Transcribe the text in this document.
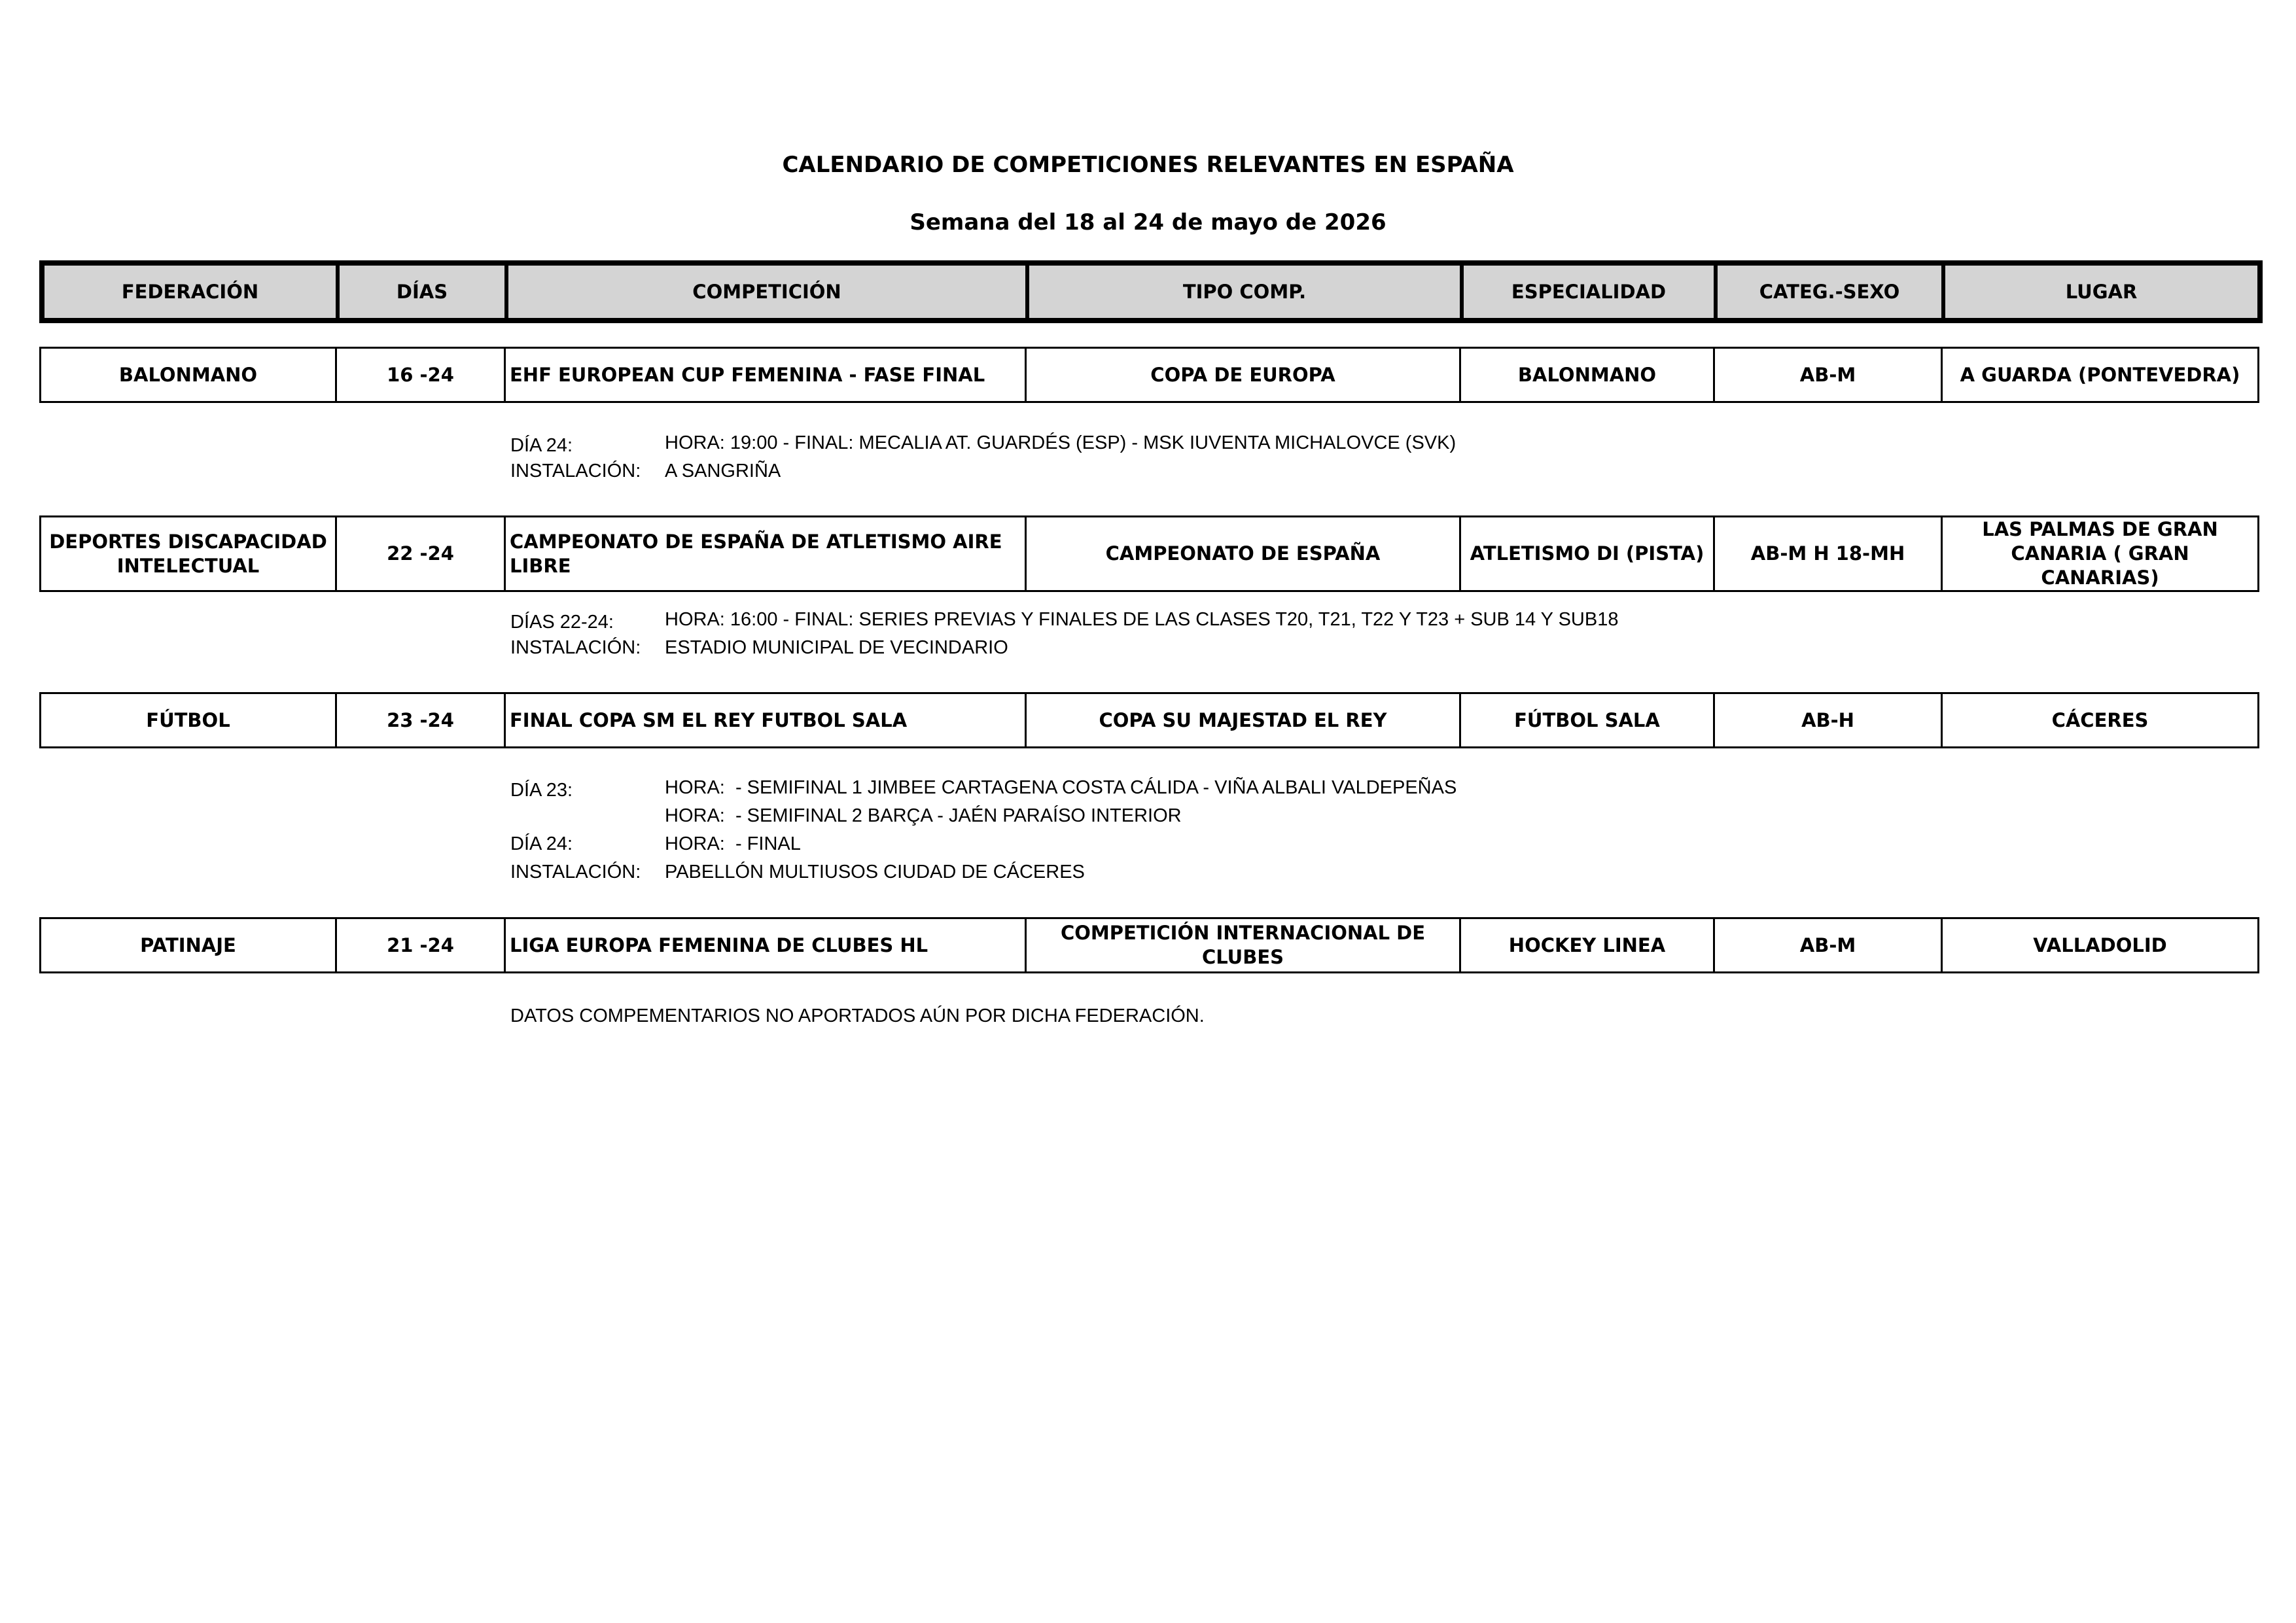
CALENDARIO DE COMPETICIONES RELEVANTES EN ESPAÑA
Semana del 18 al 24 de mayo de 2026
FEDERACIÓN	DÍAS	COMPETICIÓN	TIPO COMP.	ESPECIALIDAD	CATEG.-SEXO	LUGAR
BALONMANO	16 -24	EHF EUROPEAN CUP FEMENINA - FASE FINAL	COPA DE EUROPA	BALONMANO	AB-M	A GUARDA (PONTEVEDRA)
DÍA 24:	HORA: 19:00 - FINAL: MECALIA AT. GUARDÉS (ESP) - MSK IUVENTA MICHALOVCE (SVK)
INSTALACIÓN:	A SANGRIÑA
DEPORTES DISCAPACIDAD INTELECTUAL	22 -24	CAMPEONATO DE ESPAÑA DE ATLETISMO AIRE LIBRE	CAMPEONATO DE ESPAÑA	ATLETISMO DI (PISTA)	AB-M H 18-MH	LAS PALMAS DE GRAN CANARIA ( GRAN CANARIAS)
DÍAS 22-24:	HORA: 16:00 - FINAL: SERIES PREVIAS Y FINALES DE LAS CLASES T20, T21, T22 Y T23 + SUB 14 Y SUB18
INSTALACIÓN:	ESTADIO MUNICIPAL DE VECINDARIO
FÚTBOL	23 -24	FINAL COPA SM EL REY FUTBOL SALA	COPA SU MAJESTAD EL REY	FÚTBOL SALA	AB-H	CÁCERES
DÍA 23:	HORA:  - SEMIFINAL 1 JIMBEE CARTAGENA COSTA CÁLIDA - VIÑA ALBALI VALDEPEÑAS
HORA:  - SEMIFINAL 2 BARÇA - JAÉN PARAÍSO INTERIOR
DÍA 24:	HORA:  - FINAL
INSTALACIÓN:	PABELLÓN MULTIUSOS CIUDAD DE CÁCERES
PATINAJE	21 -24	LIGA EUROPA FEMENINA DE CLUBES HL	COMPETICIÓN INTERNACIONAL DE CLUBES	HOCKEY LINEA	AB-M	VALLADOLID
DATOS COMPEMENTARIOS NO APORTADOS AÚN POR DICHA FEDERACIÓN.
